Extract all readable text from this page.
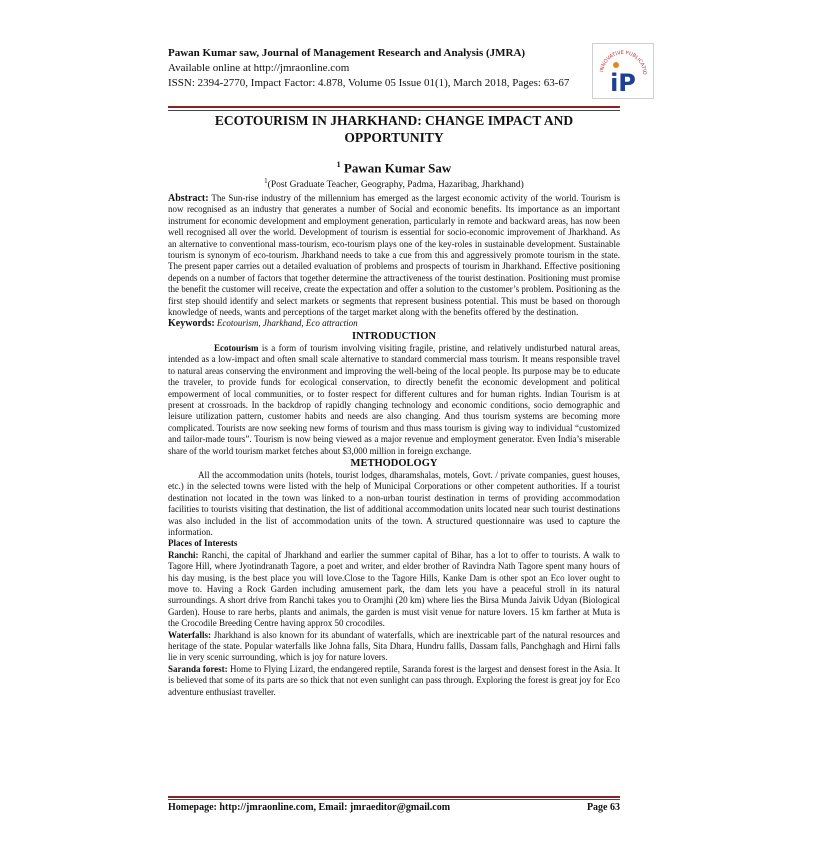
Pawan Kumar saw, Journal of Management Research and Analysis (JMRA)
Available online at http://jmraonline.com
ISSN: 2394-2770, Impact Factor: 4.878, Volume 05 Issue 01(1), March 2018, Pages: 63-67
INNOVATIVE PUBLICATIO
iP
ECOTOURISM IN JHARKHAND: CHANGE IMPACT AND OPPORTUNITY
$^1$ Pawan Kumar Saw
$^1$(Post Graduate Teacher, Geography, Padma, Hazaribag, Jharkhand)

Abstract: The Sun-rise industry of the millennium has emerged as the largest economic activity of the world. Tourism is now recognised as an industry that generates a number of Social and economic benefits. Its importance as an important instrument for economic development and employment generation, particularly in remote and backward areas, has now been well recognised all over the world. Development of tourism is essential for socio-economic improvement of Jharkhand. As an alternative to conventional mass-tourism, eco-tourism plays one of the key-roles in sustainable development. Sustainable tourism is synonym of eco-tourism. Jharkhand needs to take a cue from this and aggressively promote tourism in the state. The present paper carries out a detailed evaluation of problems and prospects of tourism in Jharkhand. Effective positioning depends on a number of factors that together determine the attractiveness of the tourist destination. Positioning must promise the benefit the customer will receive, create the expectation and offer a solution to the customer’s problem. Positioning as the first step should identify and select markets or segments that represent business potential. This must be based on thorough knowledge of needs, wants and perceptions of the target market along with the benefits offered by the destination.

Keywords: Ecotourism, Jharkhand, Eco attraction

INTRODUCTION

Ecotourism is a form of tourism involving visiting fragile, pristine, and relatively undisturbed natural areas, intended as a low-impact and often small scale alternative to standard commercial mass tourism. It means responsible travel to natural areas conserving the environment and improving the well-being of the local people. Its purpose may be to educate the traveler, to provide funds for ecological conservation, to directly benefit the economic development and political empowerment of local communities, or to foster respect for different cultures and for human rights. Indian Tourism is at present at crossroads. In the backdrop of rapidly changing technology and economic conditions, socio demographic and leisure utilization pattern, customer habits and needs are also changing. And thus tourism systems are becoming more complicated. Tourists are now seeking new forms of tourism and thus mass tourism is giving way to individual “customized and tailor-made tours”. Tourism is now being viewed as a major revenue and employment generator. Even India’s miserable share of the world tourism market fetches about $3,000 million in foreign exchange.

METHODOLOGY

All the accommodation units (hotels, tourist lodges, dharamshalas, motels, Govt. / private companies, guest houses, etc.) in the selected towns were listed with the help of Municipal Corporations or other competent authorities. If a tourist destination not located in the town was linked to a non-urban tourist destination in terms of providing accommodation facilities to tourists visiting that destination, the list of additional accommodation units located near such tourist destinations was also included in the list of accommodation units of the town. A structured questionnaire was used to capture the information.

Places of Interests

Ranchi: Ranchi, the capital of Jharkhand and earlier the summer capital of Bihar, has a lot to offer to tourists. A walk to Tagore Hill, where Jyotindranath Tagore, a poet and writer, and elder brother of Ravindra Nath Tagore spent many hours of his day musing, is the best place you will love.Close to the Tagore Hills, Kanke Dam is other spot an Eco lover ought to move to. Having a Rock Garden including amusement park, the dam lets you have a peaceful stroll in its natural surroundings. A short drive from Ranchi takes you to Oramjhi (20 km) where lies the Birsa Munda Jaivik Udyan (Biological Garden). House to rare herbs, plants and animals, the garden is must visit venue for nature lovers. 15 km farther at Muta is the Crocodile Breeding Centre having approx 50 crocodiles.

Waterfalls: Jharkhand is also known for its abundant of waterfalls, which are inextricable part of the natural resources and heritage of the state. Popular waterfalls like Johna falls, Sita Dhara, Hundru fallls, Dassam falls, Panchghagh and Hirni falls lie in very scenic surrounding, which is joy for nature lovers.

Saranda forest: Home to Flying Lizard, the endangered reptile, Saranda forest is the largest and densest forest in the Asia. It is believed that some of its parts are so thick that not even sunlight can pass through. Exploring the forest is great joy for Eco adventure enthusiast traveller.

Homepage: http://jmraonline.com, Email: jmraeditor@gmail.com	Page 63
